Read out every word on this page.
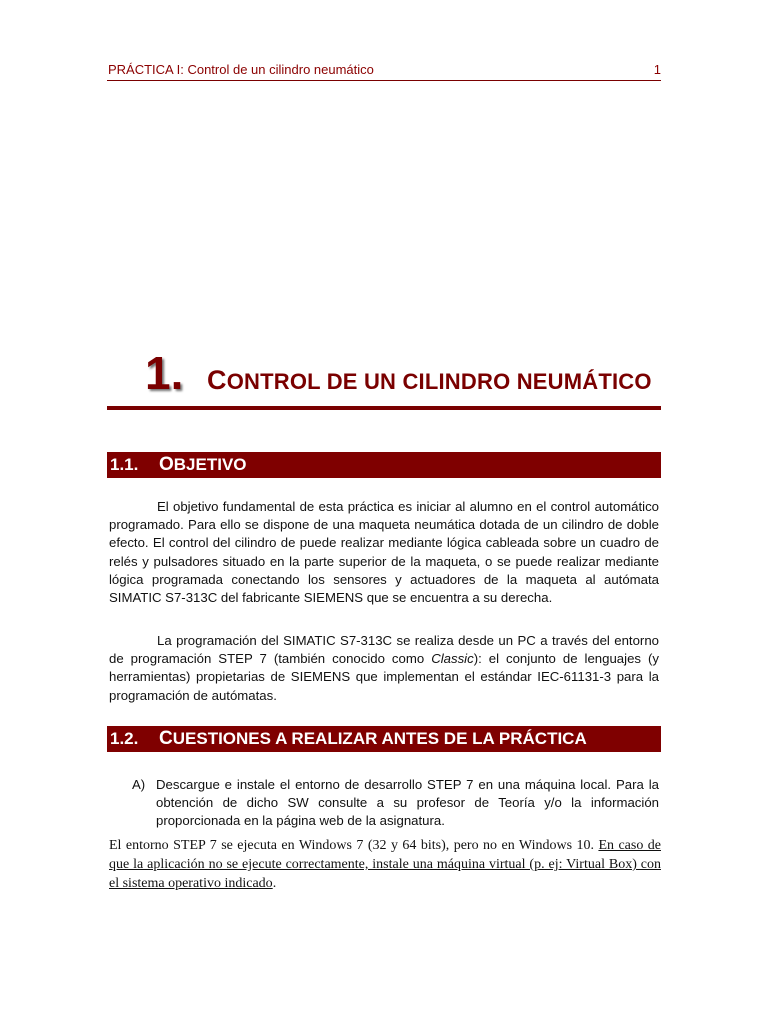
PRÁCTICA I: Control de un cilindro neumático	1
1. CONTROL DE UN CILINDRO NEUMÁTICO
1.1. OBJETIVO

El objetivo fundamental de esta práctica es iniciar al alumno en el control automático programado. Para ello se dispone de una maqueta neumática dotada de un cilindro de doble efecto. El control del cilindro de puede realizar mediante lógica cableada sobre un cuadro de relés y pulsadores situado en la parte superior de la maqueta, o se puede realizar mediante lógica programada conectando los sensores y actuadores de la maqueta al autómata SIMATIC S7-313C del fabricante SIEMENS que se encuentra a su derecha.

La programación del SIMATIC S7-313C se realiza desde un PC a través del entorno de programación STEP 7 (también conocido como Classic): el conjunto de lenguajes (y herramientas) propietarias de SIEMENS que implementan el estándar IEC-61131-3 para la programación de autómatas.

1.2. CUESTIONES A REALIZAR ANTES DE LA PRÁCTICA
A) Descargue e instale el entorno de desarrollo STEP 7 en una máquina local. Para la obtención de dicho SW consulte a su profesor de Teoría y/o la información proporcionada en la página web de la asignatura.

El entorno STEP 7 se ejecuta en Windows 7 (32 y 64 bits), pero no en Windows 10. En caso de que la aplicación no se ejecute correctamente, instale una máquina virtual (p. ej: Virtual Box) con el sistema operativo indicado.
